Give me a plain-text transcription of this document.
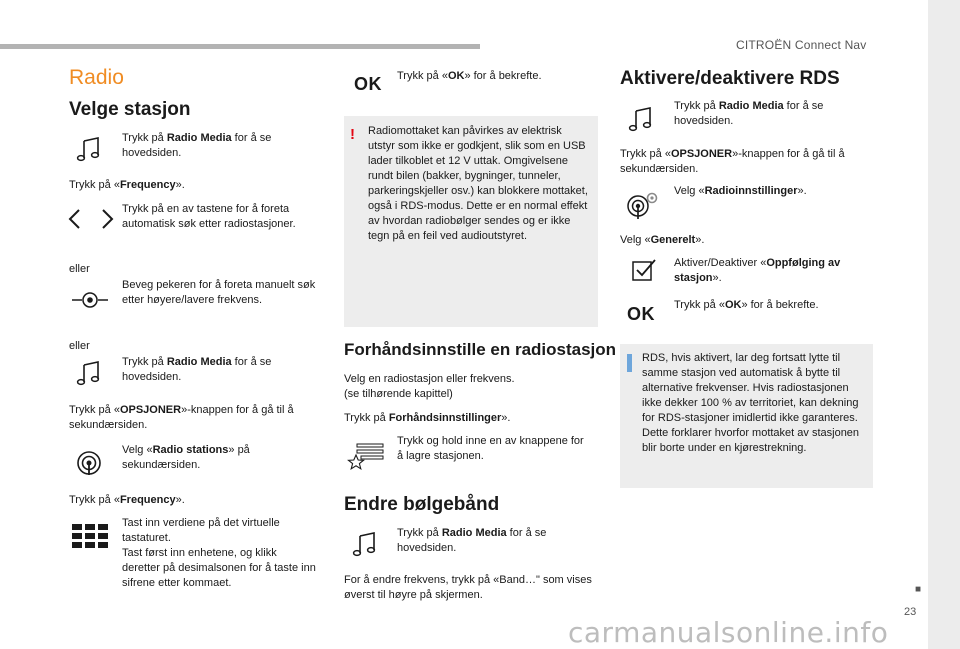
CITROËN Connect Nav
■
23
carmanualsonline.info
Radio
Velge stasjon
Trykk på Radio Media for å se hovedsiden.
Trykk på «Frequency».
Trykk på en av tastene for å foreta automatisk søk etter radiostasjoner.
eller
Beveg pekeren for å foreta manuelt søk etter høyere/lavere frekvens.
eller
Trykk på Radio Media for å se hovedsiden.
Trykk på «OPSJONER»-knappen for å gå til å sekundærsiden.
Velg «Radio stations» på sekundærsiden.
Trykk på «Frequency».
Tast inn verdiene på det virtuelle tastaturet.
Tast først inn enhetene, og klikk deretter på desimalsonen for å taste inn sifrene etter kommaet.
OK Trykk på «OK» for å bekrefte.
! Radiomottaket kan påvirkes av elektrisk utstyr som ikke er godkjent, slik som en USB lader tilkoblet et 12 V uttak. Omgivelsene rundt bilen (bakker, bygninger, tunneler, parkeringskjeller osv.) kan blokkere mottaket, også i RDS-modus. Dette er en normal effekt av hvordan radiobølger sendes og er ikke tegn på en feil ved audioutstyret.
Forhåndsinnstille en radiostasjon
Velg en radiostasjon eller frekvens.
(se tilhørende kapittel)
Trykk på Forhåndsinnstillinger».
Trykk og hold inne en av knappene for å lagre stasjonen.
Endre bølgebånd
Trykk på Radio Media for å se hovedsiden.
For å endre frekvens, trykk på «Band…" som vises øverst til høyre på skjermen.
Aktivere/deaktivere RDS
Trykk på Radio Media for å se hovedsiden.
Trykk på «OPSJONER»-knappen for å gå til å sekundærsiden.
Velg «Radioinnstillinger».
Velg «Generelt».
Aktiver/Deaktiver «Oppfølging av stasjon».
OK Trykk på «OK» for å bekrefte.
RDS, hvis aktivert, lar deg fortsatt lytte til samme stasjon ved automatisk å bytte til alternative frekvenser. Hvis radiostasjonen ikke dekker 100 % av territoriet, kan dekning for RDS-stasjoner imidlertid ikke garanteres. Dette forklarer hvorfor mottaket av stasjonen blir borte under en kjørestrekning.
